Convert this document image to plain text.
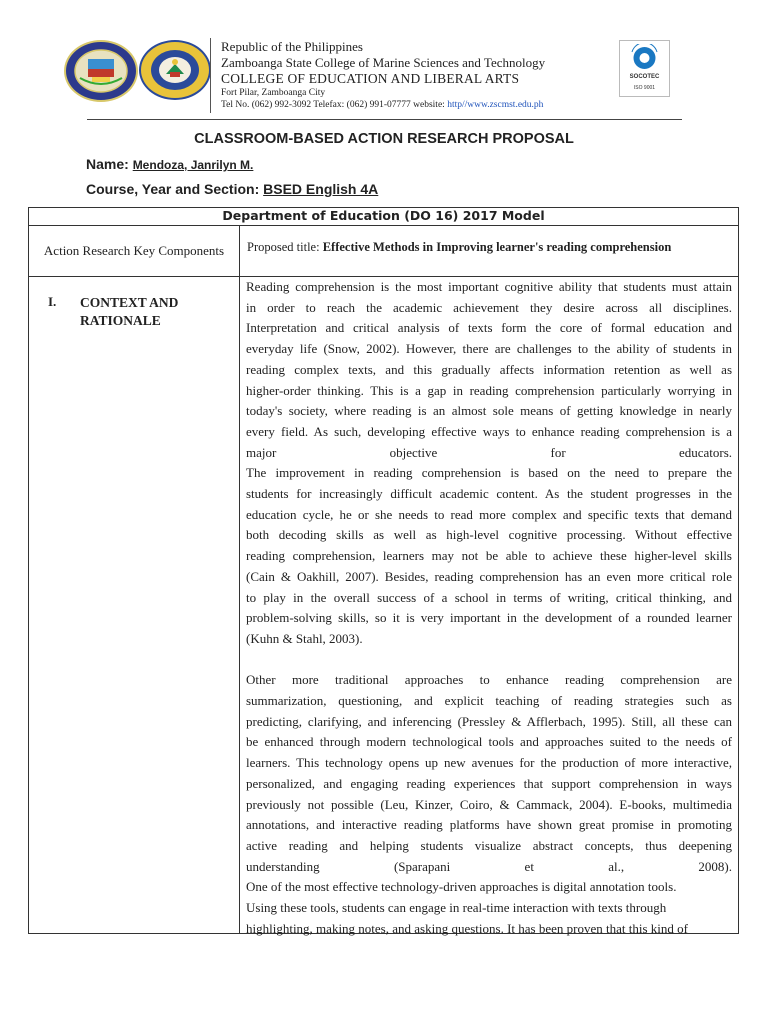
Republic of the Philippines
Zamboanga State College of Marine Sciences and Technology
COLLEGE OF EDUCATION AND LIBERAL ARTS
Fort Pilar, Zamboanga City
Tel No. (062) 992-3092 Telefax: (062) 991-07777 website: http//www.zscmst.edu.ph
SOCOTEC
ISO 9001
CLASSROOM-BASED ACTION RESEARCH PROPOSAL
Name: Mendoza, Janrilyn M.
Course, Year and Section: BSED English 4A
Department of Education (DO 16) 2017 Model
Action Research Key Components	Proposed title: Effective Methods in Improving learner's reading comprehension
I. CONTEXT AND RATIONALE

Reading comprehension is the most important cognitive ability that students must attain

in order to reach the academic achievement they desire across all disciplines.

Interpretation and critical analysis of texts form the core of formal education and

everyday life (Snow, 2002). However, there are challenges to the ability of students in

reading complex texts, and this gradually affects information retention as well as

higher-order thinking. This is a gap in reading comprehension particularly worrying in

today's society, where reading is an almost sole means of getting knowledge in nearly

every field. As such, developing effective ways to enhance reading comprehension is a

major objective for educators.

The improvement in reading comprehension is based on the need to prepare the

students for increasingly difficult academic content. As the student progresses in the

education cycle, he or she needs to read more complex and specific texts that demand

both decoding skills as well as high-level cognitive processing. Without effective

reading comprehension, learners may not be able to achieve these higher-level skills

(Cain & Oakhill, 2007). Besides, reading comprehension has an even more critical role

to play in the overall success of a school in terms of writing, critical thinking, and

problem-solving skills, so it is very important in the development of a rounded learner

(Kuhn & Stahl, 2003).

Other more traditional approaches to enhance reading comprehension are

summarization, questioning, and explicit teaching of reading strategies such as

predicting, clarifying, and inferencing (Pressley & Afflerbach, 1995). Still, all these can

be enhanced through modern technological tools and approaches suited to the needs of

learners. This technology opens up new avenues for the production of more interactive,

personalized, and engaging reading experiences that support comprehension in ways

previously not possible (Leu, Kinzer, Coiro, & Cammack, 2004). E-books, multimedia

annotations, and interactive reading platforms have shown great promise in promoting

active reading and helping students visualize abstract concepts, thus deepening

understanding (Sparapani et al., 2008).

One of the most effective technology-driven approaches is digital annotation tools.

Using these tools, students can engage in real-time interaction with texts through

highlighting, making notes, and asking questions. It has been proven that this kind of
